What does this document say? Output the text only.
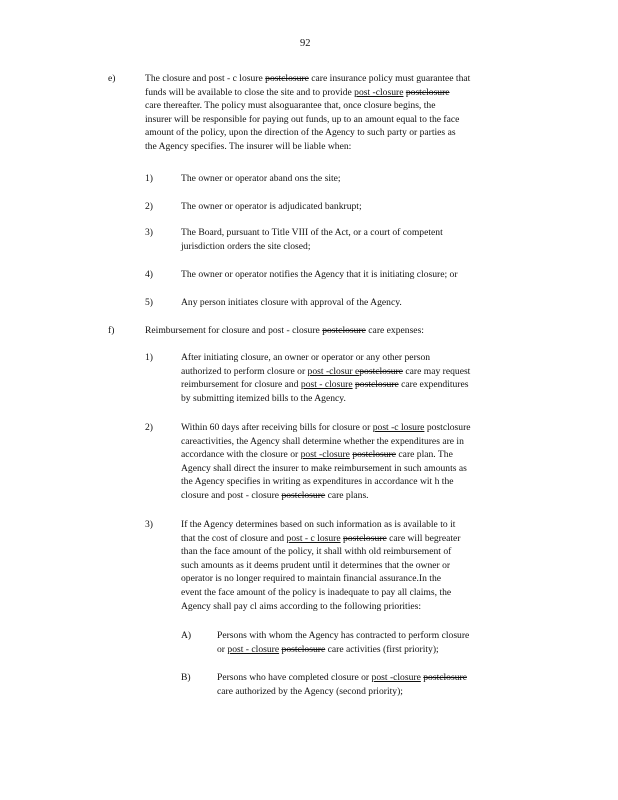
92
e)	The closure and post - c losure postclosure care insurance policy must guarantee that
funds will be available to close the site and to provide post -closure postclosure
care thereafter. The policy must alsoguarantee that, once closure begins, the
insurer will be responsible for paying out funds, up to an amount equal to the face
amount of the policy, upon the direction of the Agency to such party or parties as
the Agency specifies. The insurer will be liable when:
1)	The owner or operator aband ons the site;
2)	The owner or operator is adjudicated bankrupt;
3)	The Board, pursuant to Title VIII of the Act, or a court of competent
jurisdiction orders the site closed;
4)	The owner or operator notifies the Agency that it is initiating closure; or
5)	Any person initiates closure with approval of the Agency.
f)	Reimbursement for closure and post - closure postclosure care expenses:
1)	After initiating closure, an owner or operator or any other person
authorized to perform closure or post -closur epostclosure care may request
reimbursement for closure and post - closure postclosure care expenditures
by submitting itemized bills to the Agency.
2)	Within 60 days after receiving bills for closure or post -c losure postclosure
careactivities, the Agency shall determine whether the expenditures are in
accordance with the closure or post -closure postclosure care plan. The
Agency shall direct the insurer to make reimbursement in such amounts as
the Agency specifies in writing as expenditures in accordance wit h the
closure and post - closure postclosure care plans.
3)	If the Agency determines based on such information as is available to it
that the cost of closure and post - c losure postclosure care will begreater
than the face amount of the policy, it shall withh old reimbursement of
such amounts as it deems prudent until it determines that the owner or
operator is no longer required to maintain financial assurance.In the
event the face amount of the policy is inadequate to pay all claims, the
Agency shall pay cl aims according to the following priorities:
A)	Persons with whom the Agency has contracted to perform closure
or post - closure postclosure care activities (first priority);
B)	Persons who have completed closure or post -closure postclosure
care authorized by the Agency (second priority);
